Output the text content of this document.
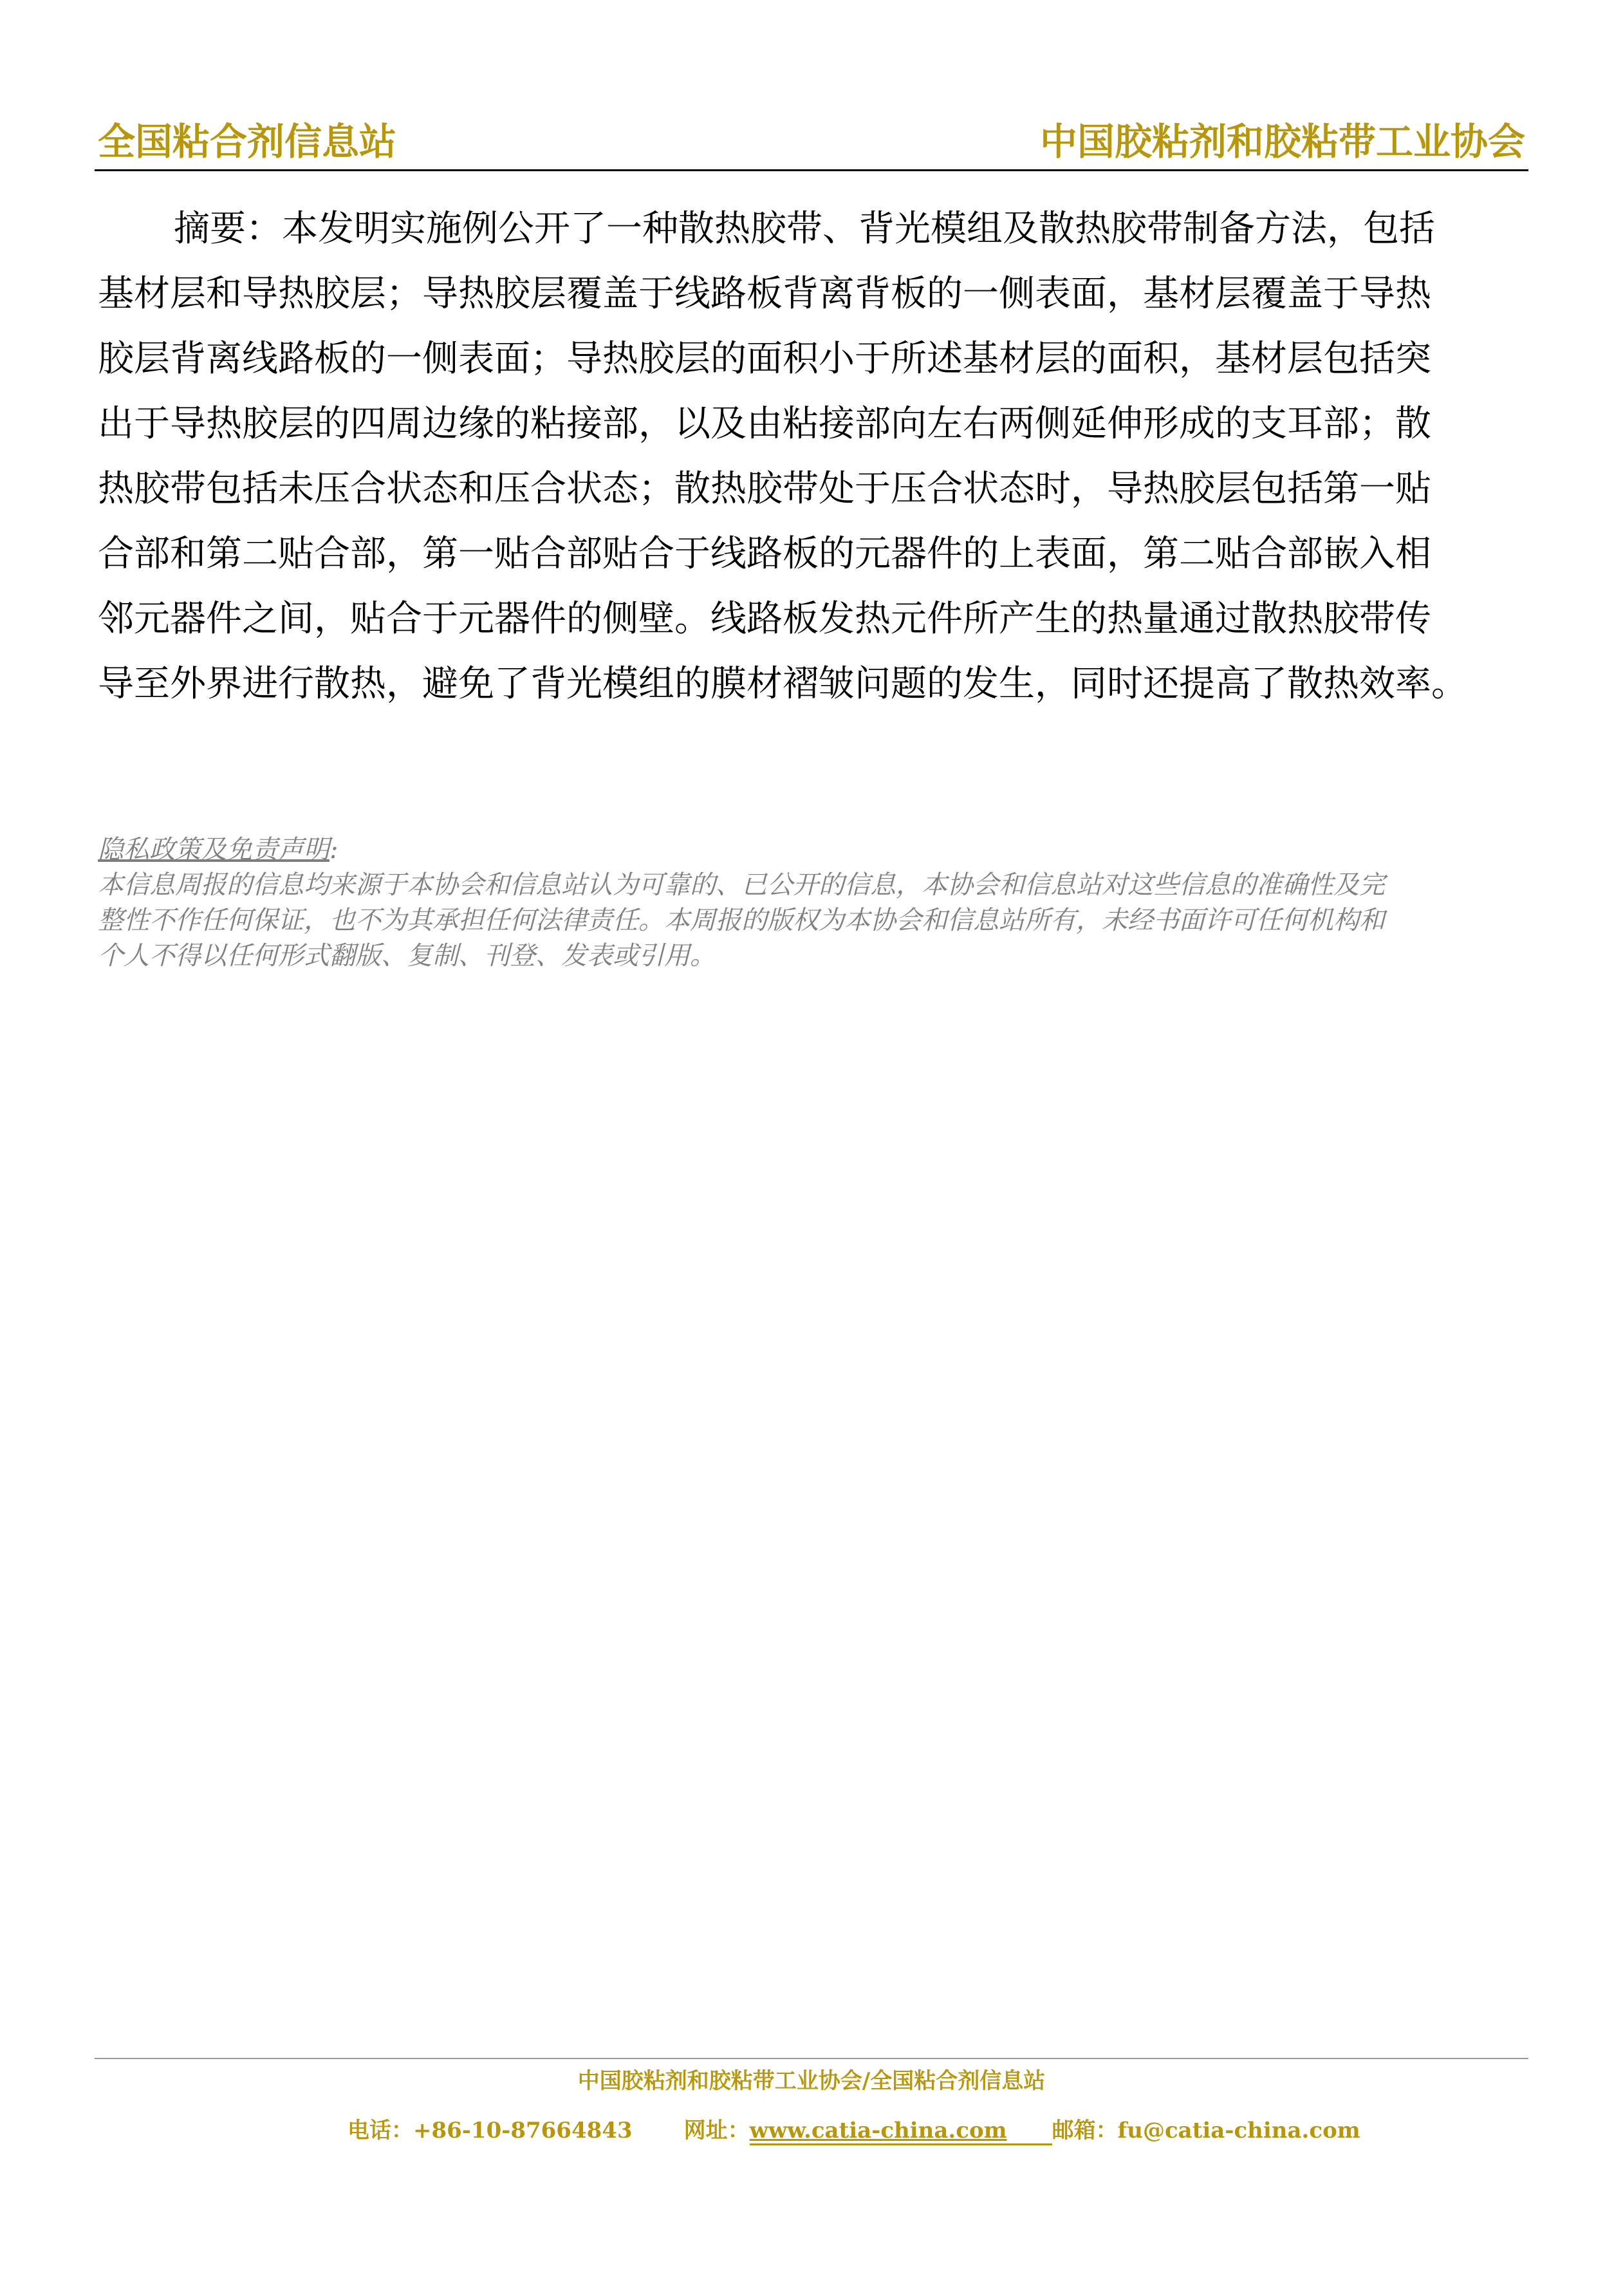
全国粘合剂信息站	中国胶粘剂和胶粘带工业协会

摘要：本发明实施例公开了一种散热胶带、背光模组及散热胶带制备方法，包括
基材层和导热胶层；导热胶层覆盖于线路板背离背板的一侧表面，基材层覆盖于导热
胶层背离线路板的一侧表面；导热胶层的面积小于所述基材层的面积，基材层包括突
出于导热胶层的四周边缘的粘接部，以及由粘接部向左右两侧延伸形成的支耳部；散
热胶带包括未压合状态和压合状态；散热胶带处于压合状态时，导热胶层包括第一贴
合部和第二贴合部，第一贴合部贴合于线路板的元器件的上表面，第二贴合部嵌入相
邻元器件之间，贴合于元器件的侧壁。线路板发热元件所产生的热量通过散热胶带传
导至外界进行散热，避免了背光模组的膜材褶皱问题的发生，同时还提高了散热效率。

隐私政策及免责声明:
本信息周报的信息均来源于本协会和信息站认为可靠的、已公开的信息，本协会和信息站对这些信息的准确性及完
整性不作任何保证，也不为其承担任何法律责任。本周报的版权为本协会和信息站所有，未经书面许可任何机构和
个人不得以任何形式翻版、复制、刊登、发表或引用。
中国胶粘剂和胶粘带工业协会/全国粘合剂信息站
电话：+86-10-87664843 网址：www.catia-china.com 邮箱：fu@catia-china.com
